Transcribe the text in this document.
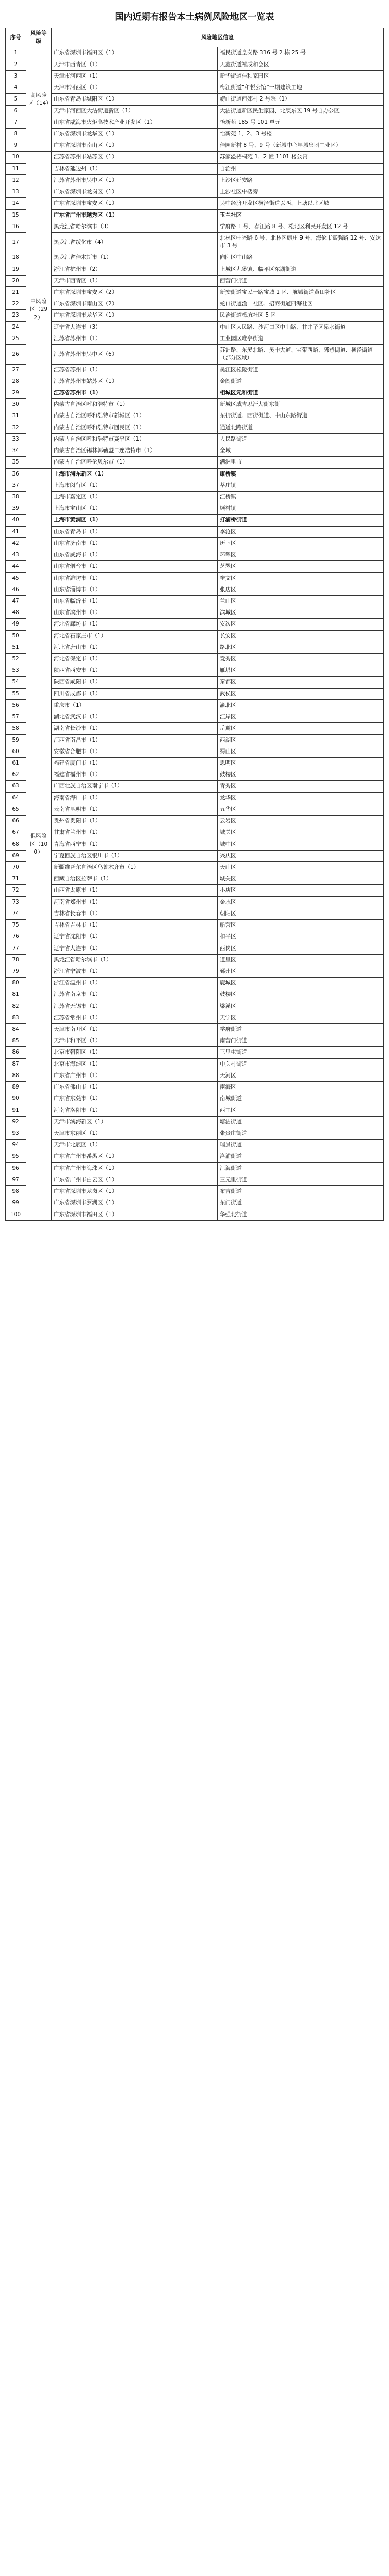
国内近期有报告本土病例风险地区一览表
序号	风险等级	风险地区信息	
1	高风险区（14）	广东省深圳市福田区（1）	福民街道皇岗路 316 号 2 栋 25 号
2		天津市西青区（1）	天鑫街道禧成和会区
3		天津市河西区（1）	新华街道佳和家园区
4		天津市河西区（1）	梅江街道“和悦公馆”一期建筑工地
5		山东省青岛市城阳区（1）	崂山街道西郊村 2 号院（1）
6		天津市河西区大沽街道新区（1）	大沽街道新区民生家园、北辰东区 19 号自办公区
7		山东省威海市火炬高技术产业开发区（1）	怡新苑 185 号 101 单元
8		广东省深圳市龙华区（1）	怡新苑 1、2、3 号楼
9		广东省深圳市南山区（1）	佳园新村 8 号、9 号（新城中心星城集团工业区）
10	中风险区（292）	江苏省苏州市姑苏区（1）	苏家溢梧桐苑 1、2 幢 1101 楼公寓
11		吉林省延边州（1）	自治州
12		江苏省苏州市吴中区（1）	上沙区延安路
13		广东省深圳市龙岗区（1）	上沙社区中楼旁
14		广东省深圳市宝安区（1）	吴中经济开发区横泾街道以西、上塘以北区域
15		广东省广州市越秀区（1）	玉兰社区
16		黑龙江省哈尔滨市（3）	学府路 1 号、春江路 8 号、松北区利民开发区 12 号
17		黑龙江省绥化市（4）	北林区中兴路 6 号、北林区康庄 9 号、海伦市富强路 12 号、安达市 3 号
18		黑龙江省佳木斯市（1）	向阳区中山路
19		浙江省杭州市（2）	上城区九堡镇、临平区东湖街道
20		天津市西青区（1）	西营门街道
21		广东省深圳市宝安区（2）	新安街道宝民一路宝城 1 区、航城街道黄田社区
22		广东省深圳市南山区（2）	蛇口街道渔一社区、招商街道四海社区
23		广东省深圳市龙华区（1）	民治街道樟坑社区 5 区
24		辽宁省大连市（3）	中山区人民路、沙河口区中山路、甘井子区泉水街道
25		江苏省苏州市（1）	工业园区唯亭街道
26		江苏省苏州市吴中区（6）	苏沪路、东吴北路、吴中大道、宝带西路、郭巷街道、横泾街道（部分区域）
27		江苏省苏州市（1）	吴江区松陵街道
28		江苏省苏州市姑苏区（1）	金阊街道
29		江苏省苏州市（1）	相城区元和街道
30		内蒙古自治区呼和浩特市（1）	新城区成吉思汗大街东街
31		内蒙古自治区呼和浩特市新城区（1）	东街街道、西街街道、中山东路街道
32		内蒙古自治区呼和浩特市回民区（1）	通道北路街道
33		内蒙古自治区呼和浩特市赛罕区（1）	人民路街道
34		内蒙古自治区锡林郭勒盟二连浩特市（1）	全域
35		内蒙古自治区呼伦贝尔市（1）	满洲里市
36	低风险区（100）	上海市浦东新区（1）	康桥镇
37		上海市闵行区（1）	莘庄镇
38		上海市嘉定区（1）	江桥镇
39		上海市宝山区（1）	顾村镇
40		上海市黄浦区（1）	打浦桥街道
41		山东省青岛市（1）	李沧区
42		山东省济南市（1）	历下区
43		山东省威海市（1）	环翠区
44		山东省烟台市（1）	芝罘区
45		山东省潍坊市（1）	奎文区
46		山东省淄博市（1）	张店区
47		山东省临沂市（1）	兰山区
48		山东省滨州市（1）	滨城区
49		河北省廊坊市（1）	安次区
50		河北省石家庄市（1）	长安区
51		河北省唐山市（1）	路北区
52		河北省保定市（1）	竞秀区
53		陕西省西安市（1）	雁塔区
54		陕西省咸阳市（1）	秦都区
55		四川省成都市（1）	武侯区
56		重庆市（1）	渝北区
57		湖北省武汉市（1）	江岸区
58		湖南省长沙市（1）	岳麓区
59		江西省南昌市（1）	西湖区
60		安徽省合肥市（1）	蜀山区
61		福建省厦门市（1）	思明区
62		福建省福州市（1）	鼓楼区
63		广西壮族自治区南宁市（1）	青秀区
64		海南省海口市（1）	龙华区
65		云南省昆明市（1）	五华区
66		贵州省贵阳市（1）	云岩区
67		甘肃省兰州市（1）	城关区
68		青海省西宁市（1）	城中区
69		宁夏回族自治区银川市（1）	兴庆区
70		新疆维吾尔自治区乌鲁木齐市（1）	天山区
71		西藏自治区拉萨市（1）	城关区
72		山西省太原市（1）	小店区
73		河南省郑州市（1）	金水区
74		吉林省长春市（1）	朝阳区
75		吉林省吉林市（1）	船营区
76		辽宁省沈阳市（1）	和平区
77		辽宁省大连市（1）	西岗区
78		黑龙江省哈尔滨市（1）	道里区
79		浙江省宁波市（1）	鄞州区
80		浙江省温州市（1）	鹿城区
81		江苏省南京市（1）	鼓楼区
82		江苏省无锡市（1）	梁溪区
83		江苏省常州市（1）	天宁区
84		天津市南开区（1）	学府街道
85		天津市和平区（1）	南营门街道
86		北京市朝阳区（1）	三里屯街道
87		北京市海淀区（1）	中关村街道
88		广东省广州市（1）	天河区
89		广东省佛山市（1）	南海区
90		广东省东莞市（1）	南城街道
91		河南省洛阳市（1）	西工区
92		天津市滨海新区（1）	塘沽街道
93		天津市东丽区（1）	张贵庄街道
94		天津市北辰区（1）	瑞景街道
95		广东省广州市番禺区（1）	洛浦街道
96		广东省广州市海珠区（1）	江海街道
97		广东省广州市白云区（1）	三元里街道
98		广东省深圳市龙岗区（1）	布吉街道
99		广东省深圳市罗湖区（1）	东门街道
100		广东省深圳市福田区（1）	华强北街道
